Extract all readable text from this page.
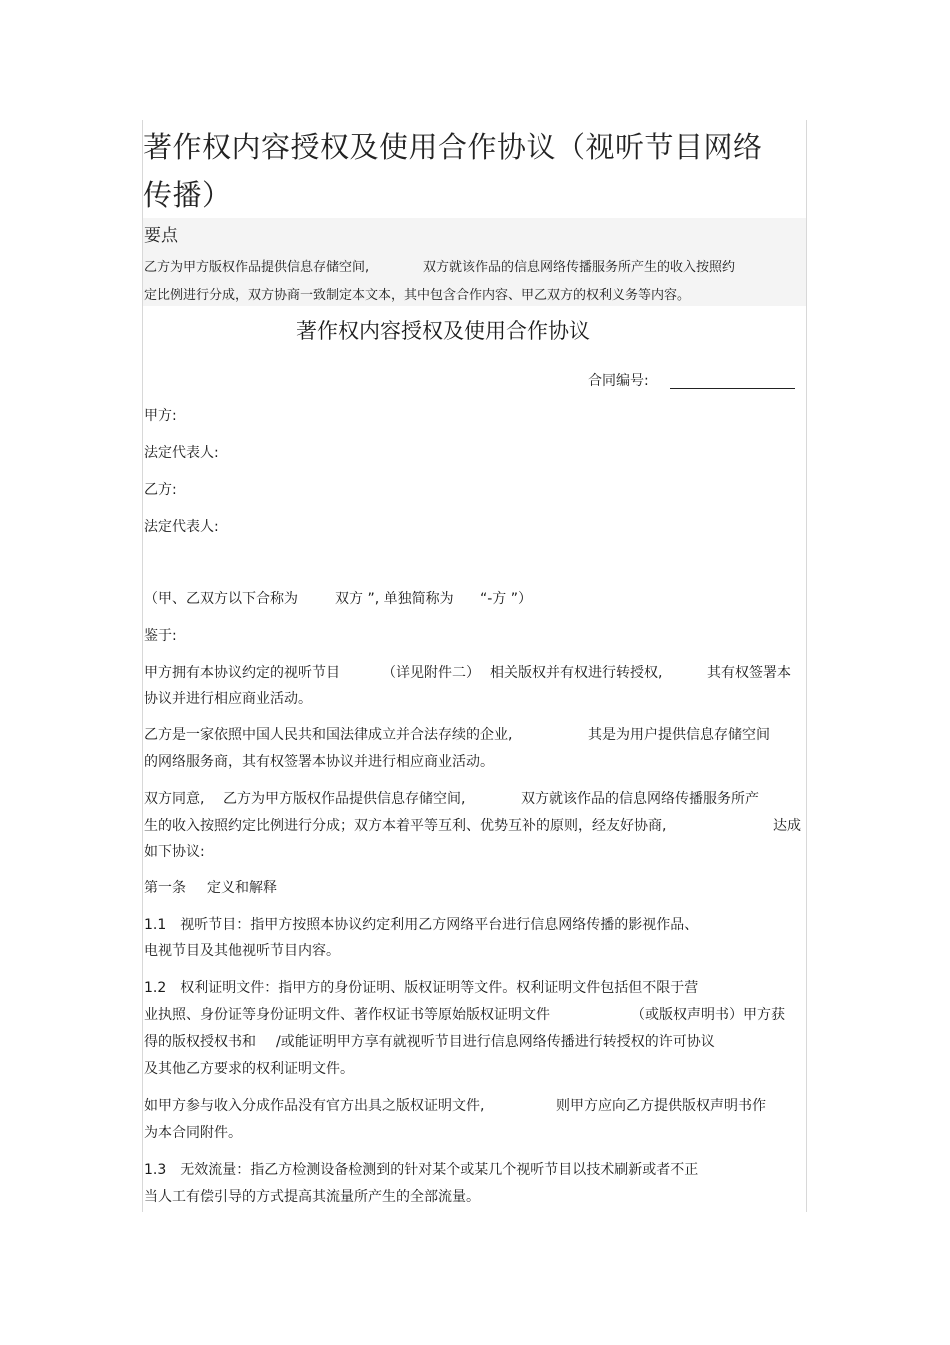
著作权内容授权及使用合作协议（视听节目网络
传播）
要点
乙方为甲方版权作品提供信息存储空间,	双方就该作品的信息网络传播服务所产生的收入按照约
定比例进行分成，双方协商一致制定本文本，其中包含合作内容、甲乙双方的权利义务等内容。
著作权内容授权及使用合作协议
合同编号:
甲方:
法定代表人:
乙方:
法定代表人:
（甲、乙双方以下合称为	双方 ”, 单独简称为 “-方 ”）
鉴于:
甲方拥有本协议约定的视听节目	（详见附件二） 相关版权并有权进行转授权,	其有权签署本
协议并进行相应商业活动。
乙方是一家依照中国人民共和国法律成立并合法存续的企业,	其是为用户提供信息存储空间
的网络服务商，其有权签署本协议并进行相应商业活动。
双方同意, 乙方为甲方版权作品提供信息存储空间,	双方就该作品的信息网络传播服务所产
生的收入按照约定比例进行分成；双方本着平等互利、优势互补的原则，经友好协商,	达成
如下协议:
第一条 定义和解释
1.1　视听节目：指甲方按照本协议约定利用乙方网络平台进行信息网络传播的影视作品、
电视节目及其他视听节目内容。
1.2　权利证明文件：指甲方的身份证明、版权证明等文件。权利证明文件包括但不限于营
业执照、身份证等身份证明文件、著作权证书等原始版权证明文件	（或版权声明书）甲方获
得的版权授权书和 /或能证明甲方享有就视听节目进行信息网络传播进行转授权的许可协议
及其他乙方要求的权利证明文件。
如甲方参与收入分成作品没有官方出具之版权证明文件,	则甲方应向乙方提供版权声明书作
为本合同附件。
1.3　无效流量：指乙方检测设备检测到的针对某个或某几个视听节目以技术刷新或者不正
当人工有偿引导的方式提高其流量所产生的全部流量。
